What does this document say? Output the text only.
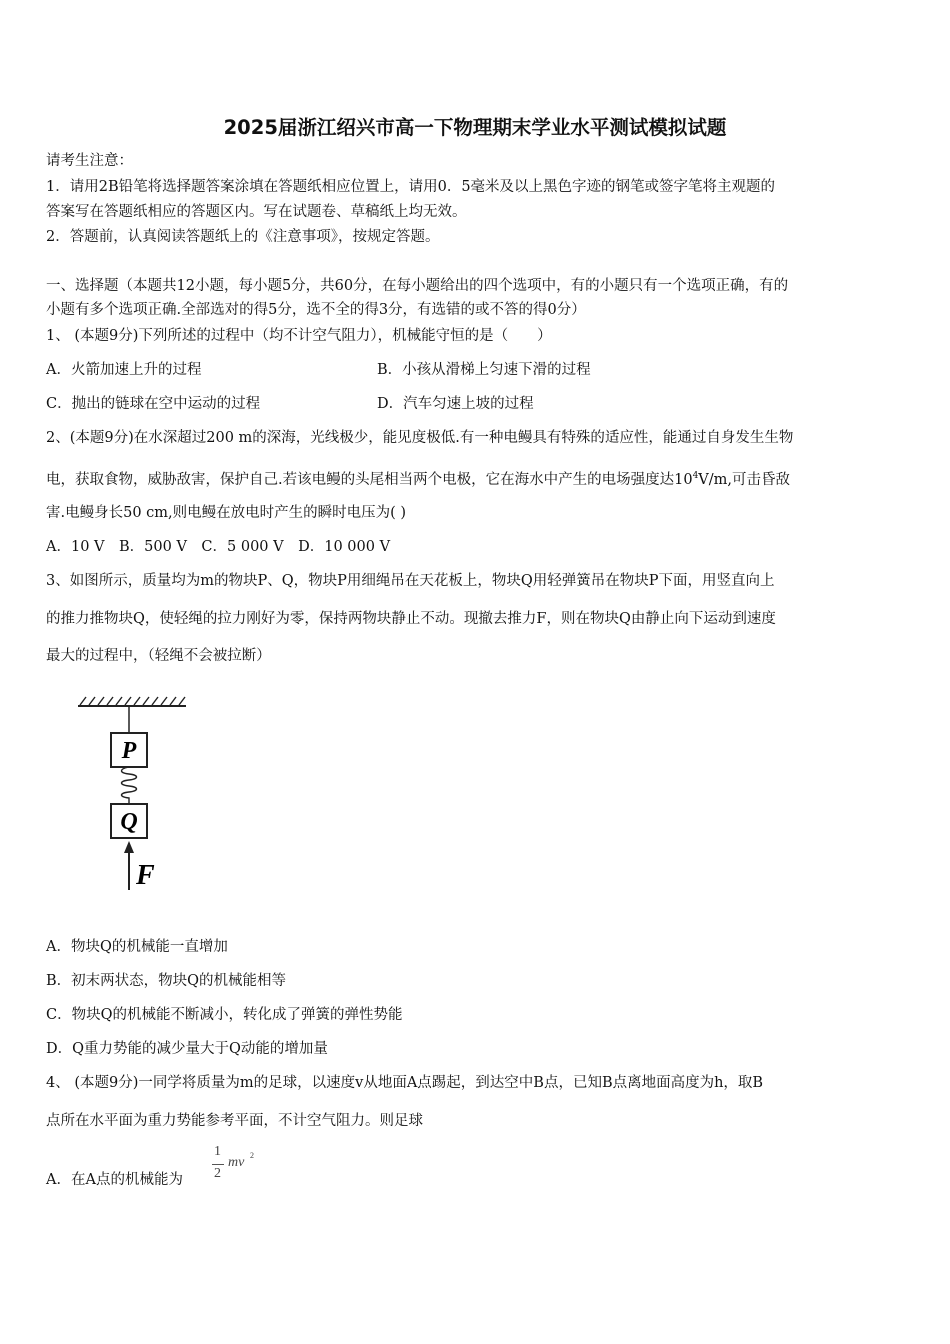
2025届浙江绍兴市高一下物理期末学业水平测试模拟试题
请考生注意：
1．请用2B铅笔将选择题答案涂填在答题纸相应位置上，请用0．5毫米及以上黑色字迹的钢笔或签字笔将主观题的
答案写在答题纸相应的答题区内。写在试题卷、草稿纸上均无效。
2．答题前，认真阅读答题纸上的《注意事项》，按规定答题。
一、选择题（本题共12小题，每小题5分，共60分，在每小题给出的四个选项中，有的小题只有一个选项正确，有的
小题有多个选项正确.全部选对的得5分，选不全的得3分，有选错的或不答的得0分）
1、 (本题9分)下列所述的过程中（均不计空气阻力），机械能守恒的是（　　）
A．火箭加速上升的过程	B．小孩从滑梯上匀速下滑的过程
C．抛出的链球在空中运动的过程	D．汽车匀速上坡的过程
2、(本题9分)在水深超过200 m的深海，光线极少，能见度极低.有一种电鳗具有特殊的适应性，能通过自身发生生物
电，获取食物，威胁敌害，保护自己.若该电鳗的头尾相当两个电极，它在海水中产生的电场强度达$10^4V/m$,可击昏敌
害.电鳗身长50 cm,则电鳗在放电时产生的瞬时电压为( )
A．10 V　B．500 V　C．5 000 V　D．10 000 V
3、如图所示，质量均为m的物块P、Q，物块P用细绳吊在天花板上，物块Q用轻弹簧吊在物块P下面，用竖直向上
的推力推物块Q，使轻绳的拉力刚好为零，保持两物块静止不动。现撤去推力F，则在物块Q由静止向下运动到速度
最大的过程中，（轻绳不会被拉断）
P
Q
F
A．物块Q的机械能一直增加
B．初末两状态，物块Q的机械能相等
C．物块Q的机械能不断减小，转化成了弹簧的弹性势能
D．Q重力势能的减少量大于Q动能的增加量
4、 (本题9分)一同学将质量为m的足球，以速度v从地面A点踢起，到达空中B点，已知B点离地面高度为h，取B
点所在水平面为重力势能参考平面，不计空气阻力。则足球
A．在A点的机械能为
1
2
mv 2
